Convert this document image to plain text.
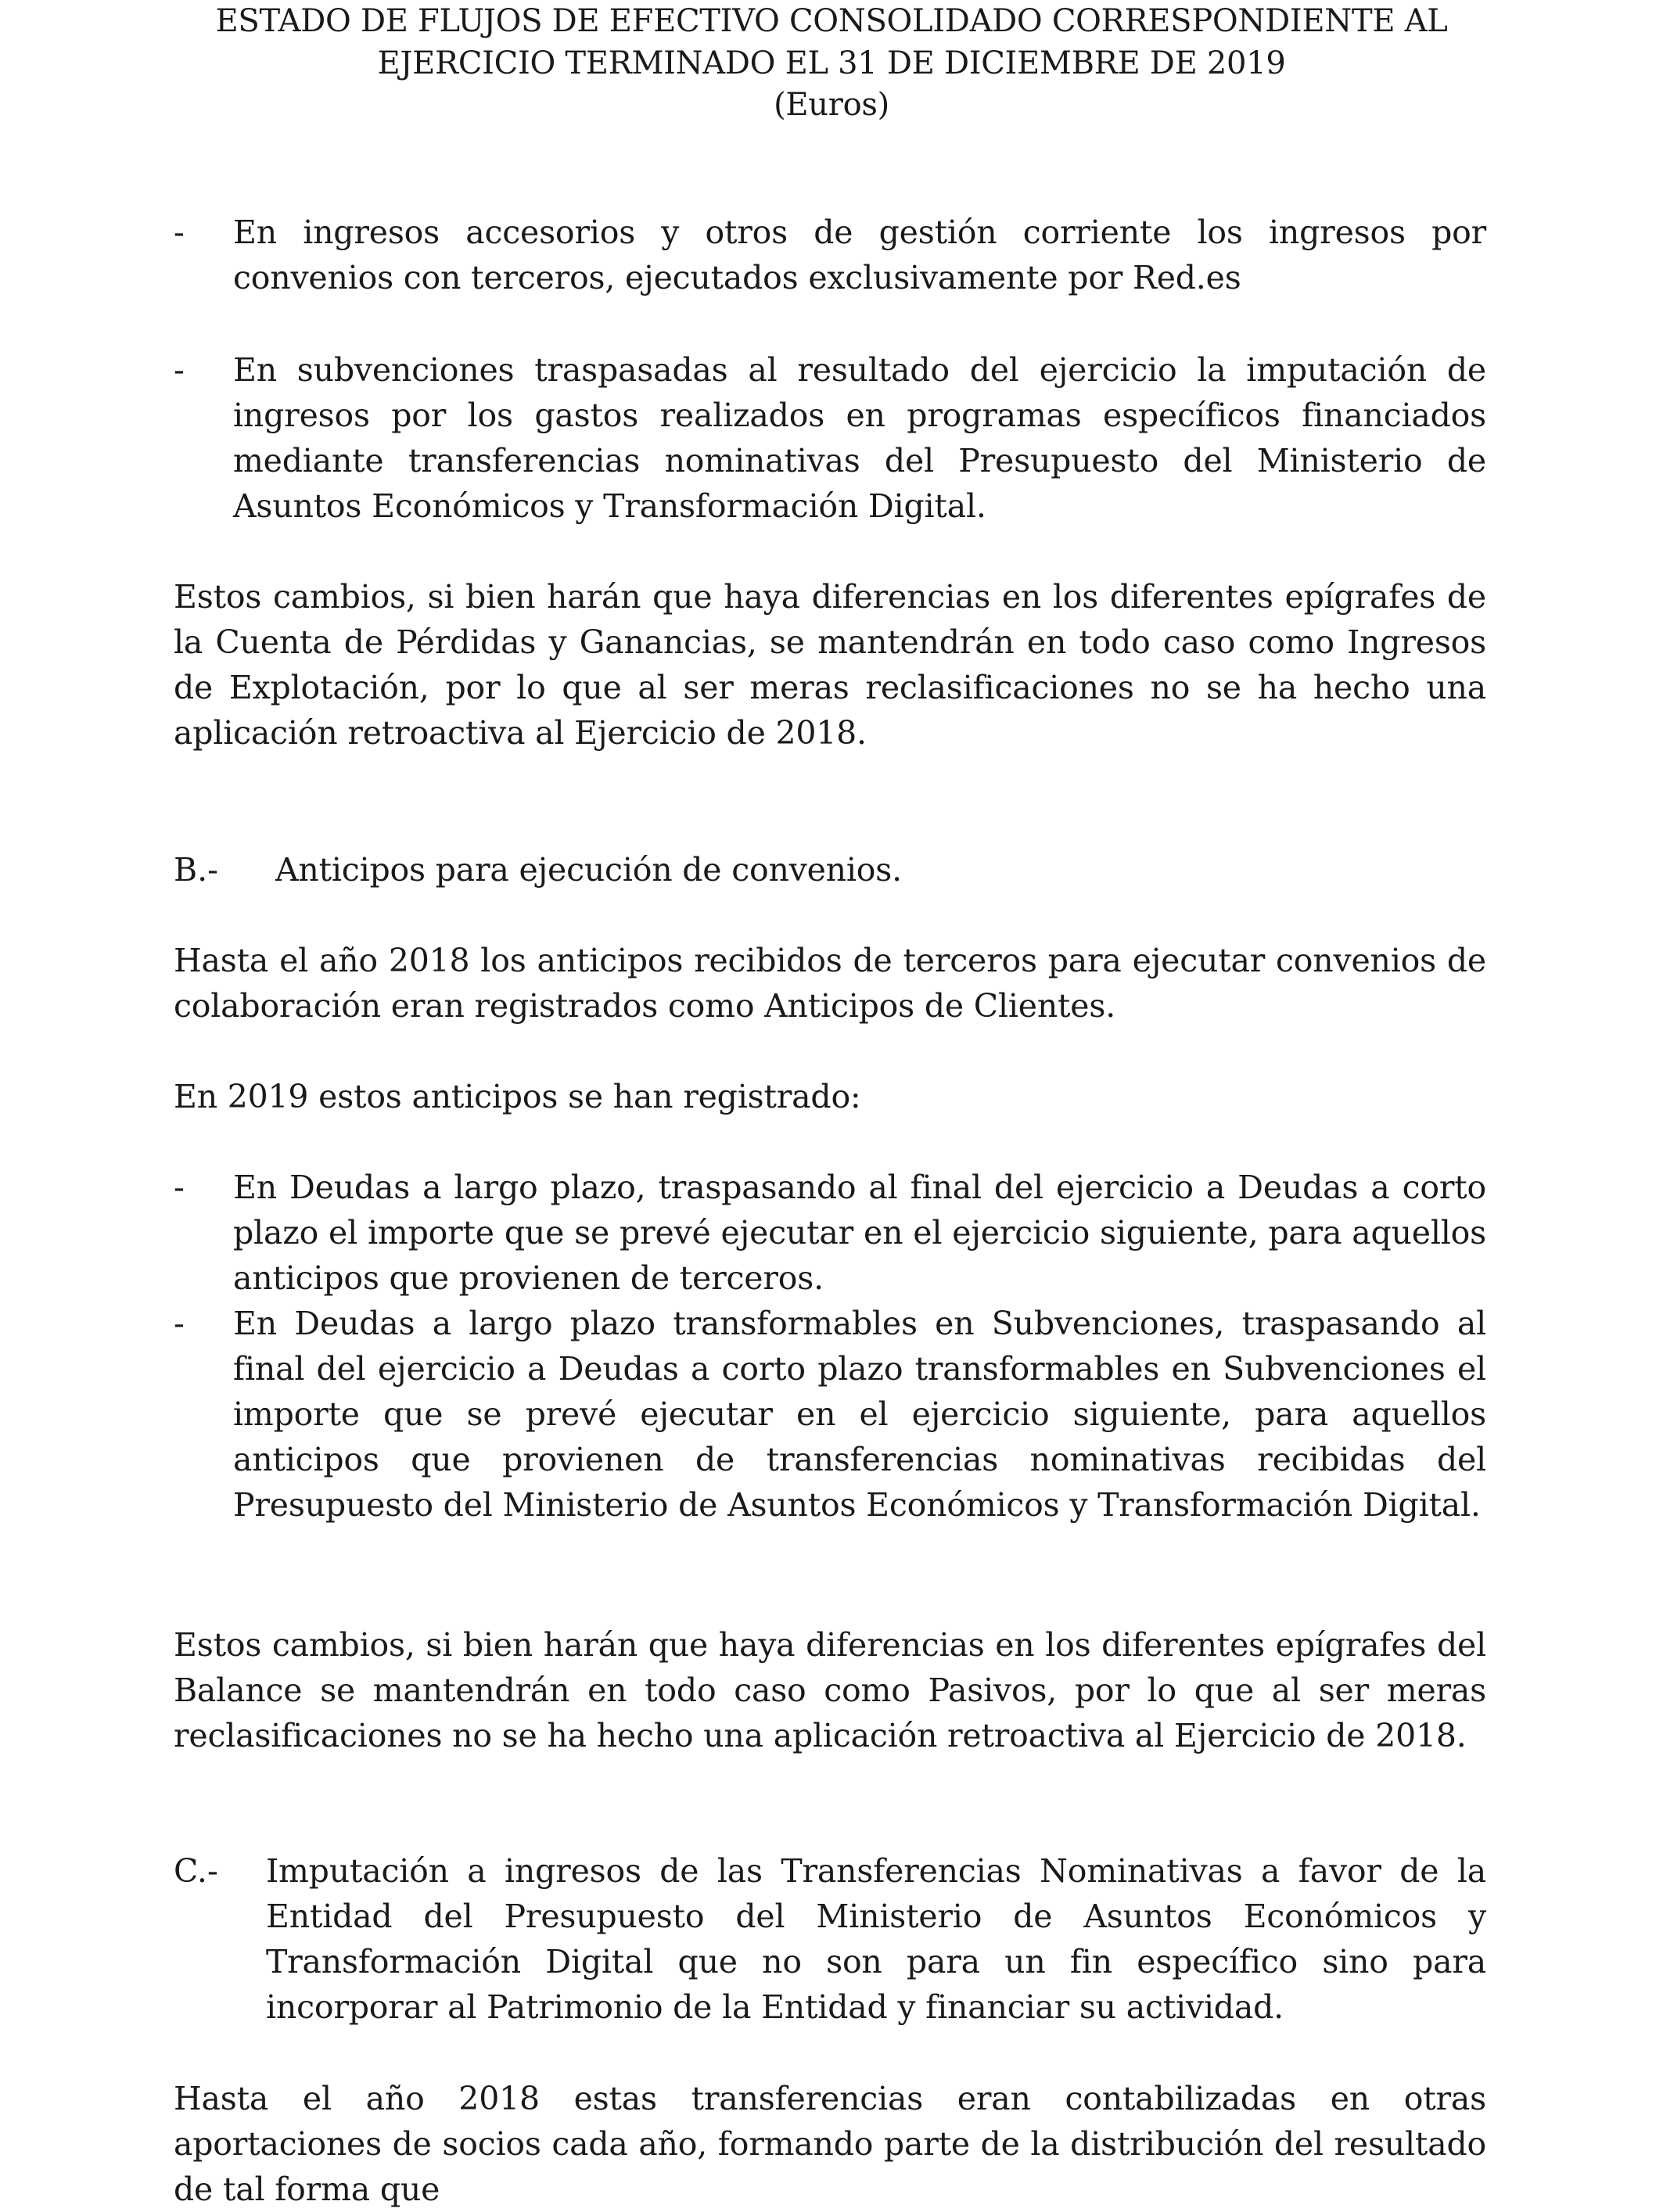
ESTADO DE FLUJOS DE EFECTIVO CONSOLIDADO CORRESPONDIENTE AL
EJERCICIO TERMINADO EL 31 DE DICIEMBRE DE 2019
(Euros)
- En ingresos accesorios y otros de gestión corriente los ingresos por convenios con terceros, ejecutados exclusivamente por Red.es
- En subvenciones traspasadas al resultado del ejercicio la imputación de ingresos por los gastos realizados en programas específicos financiados mediante transferencias nominativas del Presupuesto del Ministerio de Asuntos Económicos y Transformación Digital.
Estos cambios, si bien harán que haya diferencias en los diferentes epígrafes de la Cuenta de Pérdidas y Ganancias, se mantendrán en todo caso como Ingresos de Explotación, por lo que al ser meras reclasificaciones no se ha hecho una aplicación retroactiva al Ejercicio de 2018.
B.- Anticipos para ejecución de convenios.
Hasta el año 2018 los anticipos recibidos de terceros para ejecutar convenios de colaboración eran registrados como Anticipos de Clientes.
En 2019 estos anticipos se han registrado:
- En Deudas a largo plazo, traspasando al final del ejercicio a Deudas a corto plazo el importe que se prevé ejecutar en el ejercicio siguiente, para aquellos anticipos que provienen de terceros.
- En Deudas a largo plazo transformables en Subvenciones, traspasando al final del ejercicio a Deudas a corto plazo transformables en Subvenciones el importe que se prevé ejecutar en el ejercicio siguiente, para aquellos anticipos que provienen de transferencias nominativas recibidas del Presupuesto del Ministerio de Asuntos Económicos y Transformación Digital.
Estos cambios, si bien harán que haya diferencias en los diferentes epígrafes del Balance se mantendrán en todo caso como Pasivos, por lo que al ser meras reclasificaciones no se ha hecho una aplicación retroactiva al Ejercicio de 2018.
C.- Imputación a ingresos de las Transferencias Nominativas a favor de la Entidad del Presupuesto del Ministerio de Asuntos Económicos y Transformación Digital que no son para un fin específico sino para incorporar al Patrimonio de la Entidad y financiar su actividad.
Hasta el año 2018 estas transferencias eran contabilizadas en otras aportaciones de socios cada año, formando parte de la distribución del resultado de tal forma que
